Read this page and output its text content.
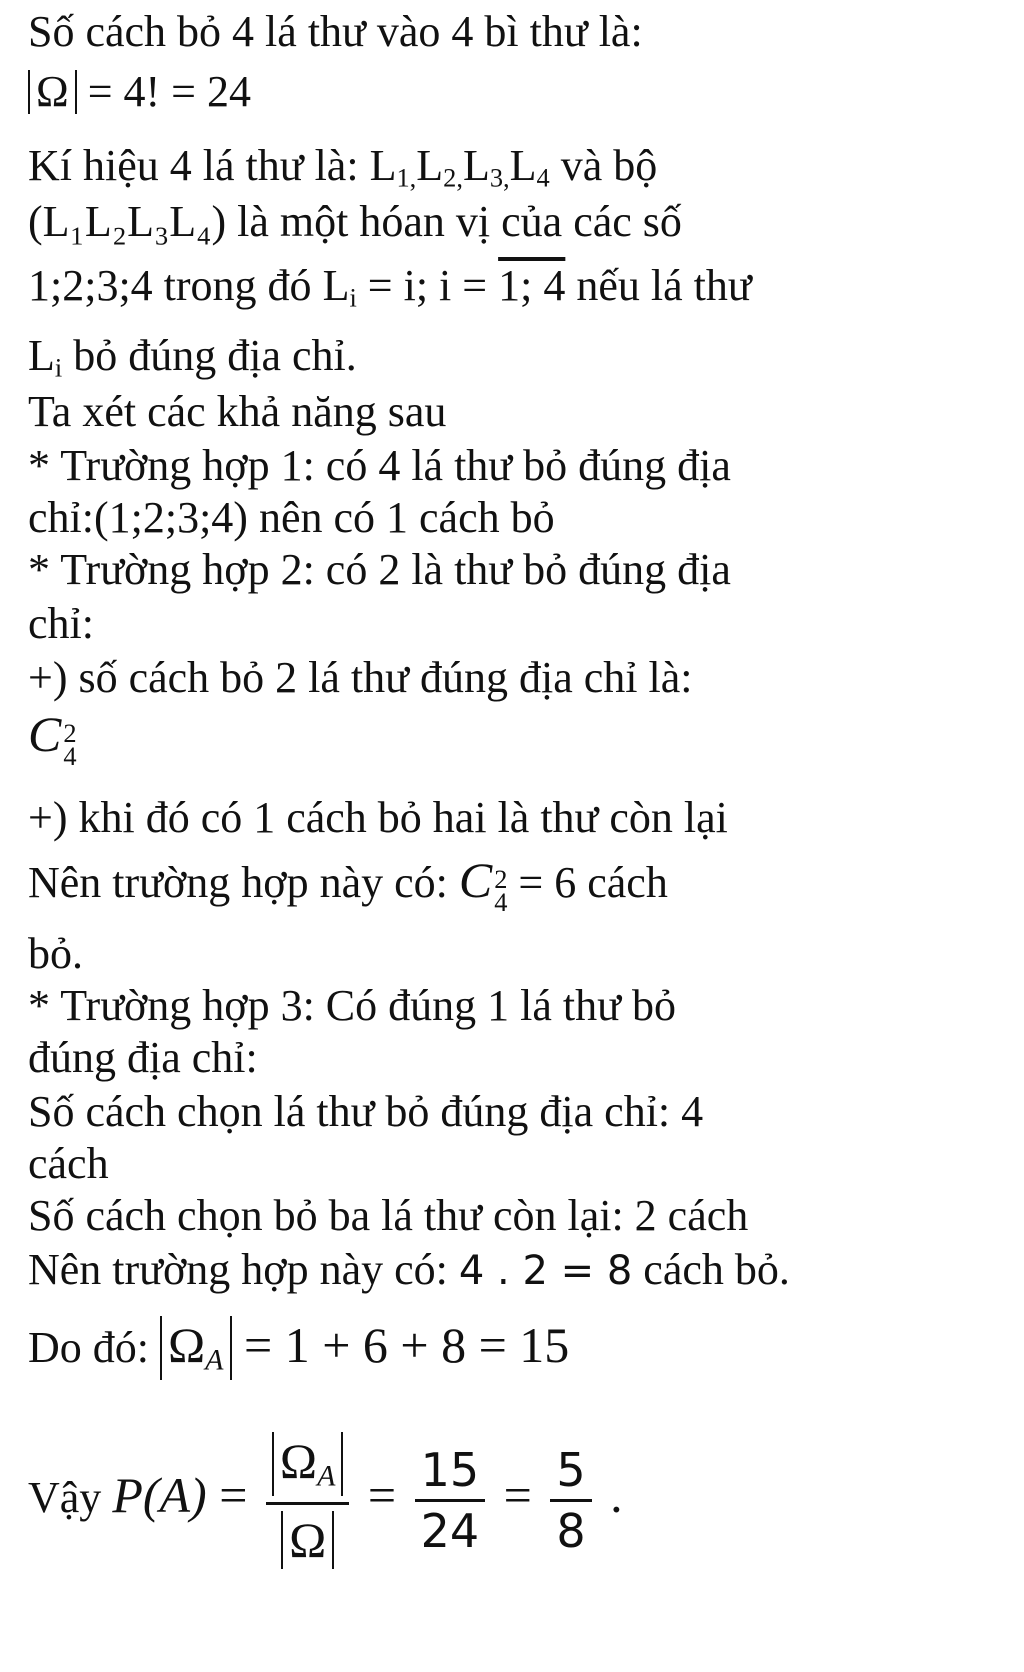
Số cách bỏ 4 lá thư vào 4 bì thư là:
Ω = 4! = 24
Kí hiệu 4 lá thư là: $L_{1,}L_{2,}L_{3,}L_4$ và bộ
(L₁L₂L₃L₄) là một hóan vị của các số
1;2;3;4 trong đó $L_i = i$; i = 1; 4 nếu lá thư
$L_i$ bỏ đúng địa chỉ.
Ta xét các khả năng sau
* Trường hợp 1: có 4 lá thư bỏ đúng địa
chỉ:(1;2;3;4) nên có 1 cách bỏ
* Trường hợp 2: có 2 là thư bỏ đúng địa
chỉ:
+) số cách bỏ 2 lá thư đúng địa chỉ là:
C 2
4
+) khi đó có 1 cách bỏ hai là thư còn lại
Nên trường hợp này có: C 2
4 = 6 cách
bỏ.
* Trường hợp 3: Có đúng 1 lá thư bỏ
đúng địa chỉ:
Số cách chọn lá thư bỏ đúng địa chỉ: 4
cách
Số cách chọn bỏ ba lá thư còn lại: 2 cách
Nên trường hợp này có: 4 . 2 = 8 cách bỏ.
Do đó: $\Omega_A = 1 + 6 + 8 = 15$
Vậy $P(A) = \frac{\Omega_A}{\Omega} = \frac{15}{24} = \frac{5}{8}$ .
